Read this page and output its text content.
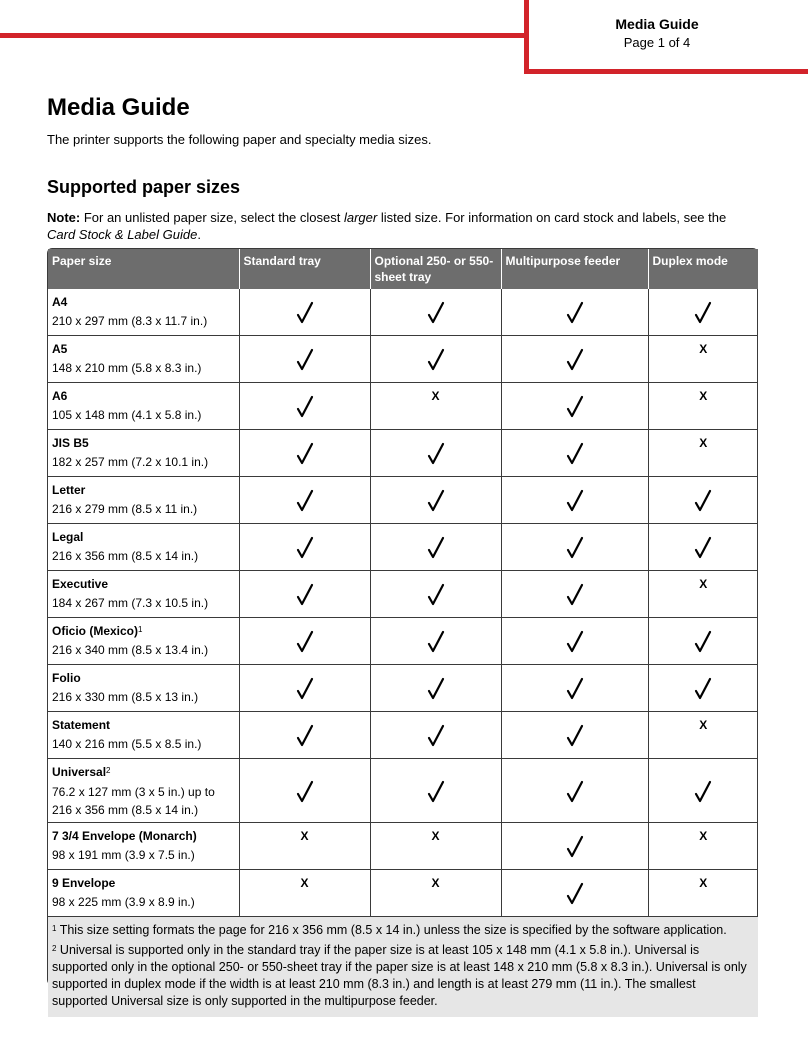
Media Guide
Page 1 of 4
Media Guide
The printer supports the following paper and specialty media sizes.
Supported paper sizes
Note: For an unlisted paper size, select the closest larger listed size. For information on card stock and labels, see the Card Stock & Label Guide.
Paper size	Standard tray	Optional 250- or 550-sheet tray	Multipurpose feeder	Duplex mode

A4
210 x 297 mm (8.3 x 11.7 in.)

A5
148 x 210 mm (5.8 x 8.3 in.)				X

A6
105 x 148 mm (4.1 x 5.8 in.)		X		X

JIS B5
182 x 257 mm (7.2 x 10.1 in.)				X

Letter
216 x 279 mm (8.5 x 11 in.)

Legal
216 x 356 mm (8.5 x 14 in.)

Executive
184 x 267 mm (7.3 x 10.5 in.)				X

Oficio (Mexico)$^1$
216 x 340 mm (8.5 x 13.4 in.)

Folio
216 x 330 mm (8.5 x 13 in.)

Statement
140 x 216 mm (5.5 x 8.5 in.)				X

Universal$^2$
76.2 x 127 mm (3 x 5 in.) up to
216 x 356 mm (8.5 x 14 in.)

7 3/4 Envelope (Monarch)
98 x 191 mm (3.9 x 7.5 in.)	X	X		X

9 Envelope
98 x 225 mm (3.9 x 8.9 in.)	X	X		X

$^1$ This size setting formats the page for 216 x 356 mm (8.5 x 14 in.) unless the size is specified by the software application.

$^2$ Universal is supported only in the standard tray if the paper size is at least 105 x 148 mm (4.1 x 5.8 in.). Universal is supported only in the optional 250- or 550-sheet tray if the paper size is at least 148 x 210 mm (5.8 x 8.3 in.). Universal is only supported in duplex mode if the width is at least 210 mm (8.3 in.) and length is at least 279 mm (11 in.). The smallest supported Universal size is only supported in the multipurpose feeder.				
